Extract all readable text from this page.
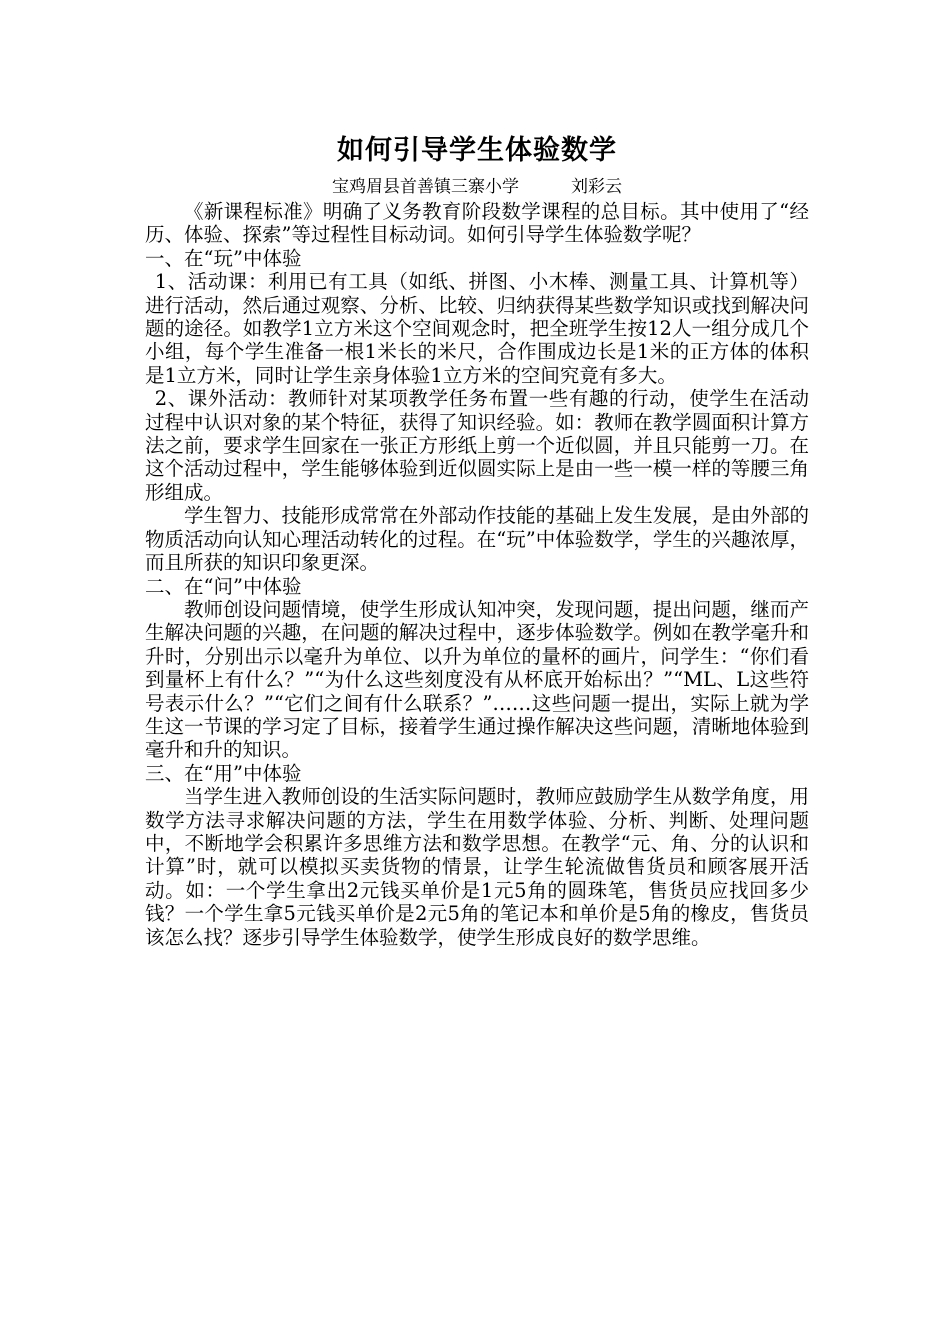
如何引导学生体验数学
宝鸡眉县首善镇三寨小学	刘彩云

《新课程标准》明确了义务教育阶段数学课程的总目标。其中使用了“经历、体验、探索”等过程性目标动词。如何引导学生体验数学呢？

一、在“玩”中体验

1、活动课：利用已有工具（如纸、拼图、小木棒、测量工具、计算机等）进行活动，然后通过观察、分析、比较、归纳获得某些数学知识或找到解决问题的途径。如教学1立方米这个空间观念时，把全班学生按12人一组分成几个小组，每个学生准备一根1米长的米尺，合作围成边长是1米的正方体的体积是1立方米，同时让学生亲身体验1立方米的空间究竟有多大。

2、课外活动：教师针对某项教学任务布置一些有趣的行动，使学生在活动过程中认识对象的某个特征，获得了知识经验。如：教师在教学圆面积计算方法之前，要求学生回家在一张正方形纸上剪一个近似圆，并且只能剪一刀。在这个活动过程中，学生能够体验到近似圆实际上是由一些一模一样的等腰三角形组成。

学生智力、技能形成常常在外部动作技能的基础上发生发展，是由外部的物质活动向认知心理活动转化的过程。在“玩”中体验数学，学生的兴趣浓厚，而且所获的知识印象更深。

二、在“问”中体验

教师创设问题情境，使学生形成认知冲突，发现问题，提出问题，继而产生解决问题的兴趣，在问题的解决过程中，逐步体验数学。例如在教学毫升和升时，分别出示以毫升为单位、以升为单位的量杯的画片，问学生：“你们看到量杯上有什么？”“为什么这些刻度没有从杯底开始标出？”“ML、L这些符号表示什么？”“它们之间有什么联系？”……这些问题一提出，实际上就为学生这一节课的学习定了目标，接着学生通过操作解决这些问题，清晰地体验到毫升和升的知识。

三、在“用”中体验

当学生进入教师创设的生活实际问题时，教师应鼓励学生从数学角度，用数学方法寻求解决问题的方法，学生在用数学体验、分析、判断、处理问题中，不断地学会积累许多思维方法和数学思想。在教学“元、角、分的认识和计算”时，就可以模拟买卖货物的情景，让学生轮流做售货员和顾客展开活动。如：一个学生拿出2元钱买单价是1元5角的圆珠笔，售货员应找回多少钱？一个学生拿5元钱买单价是2元5角的笔记本和单价是5角的橡皮，售货员该怎么找？逐步引导学生体验数学，使学生形成良好的数学思维。
